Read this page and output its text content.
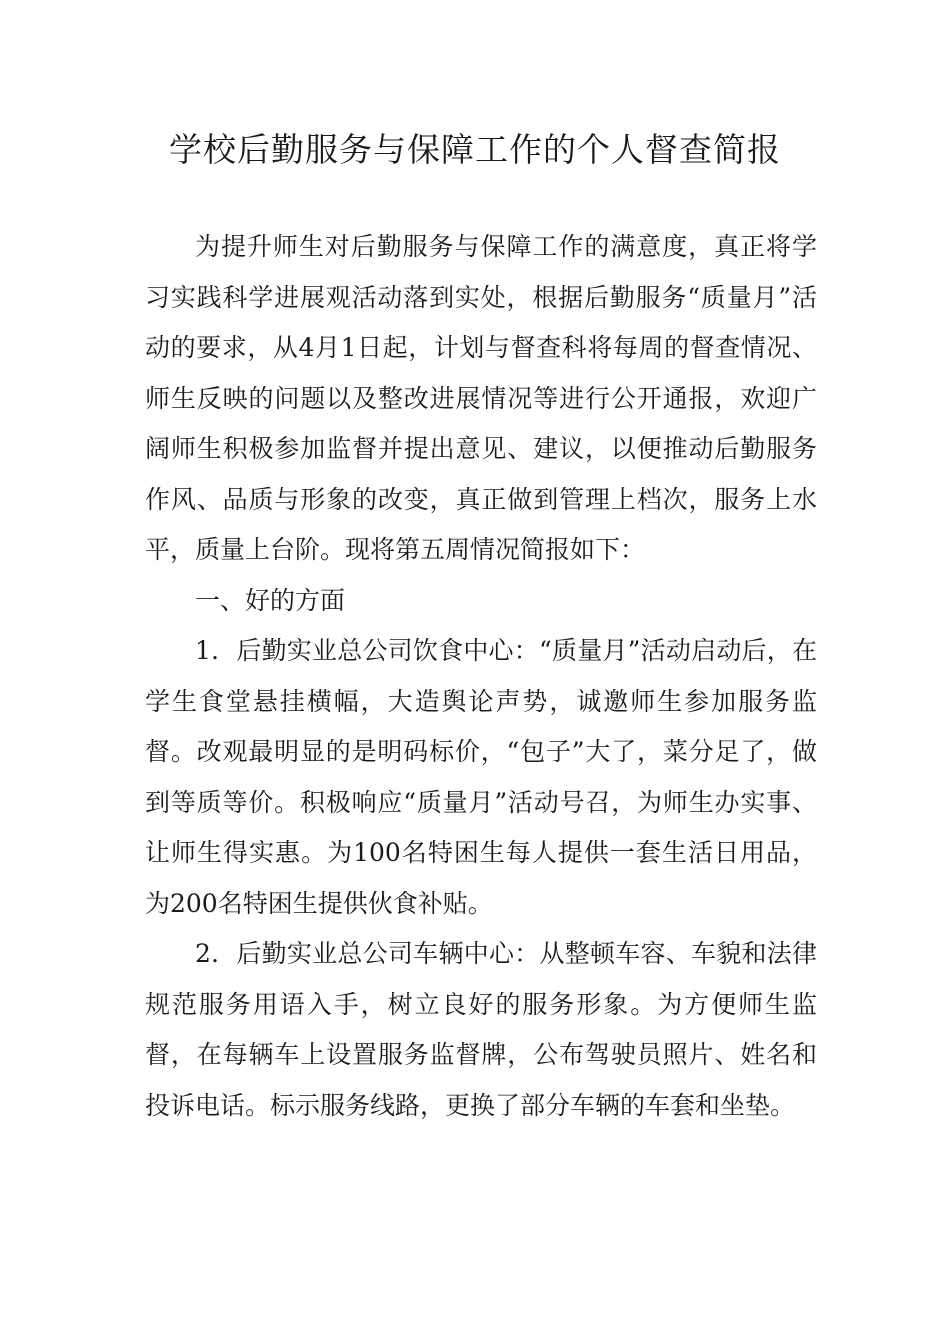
学校后勤服务与保障工作的个人督查简报

为提升师生对后勤服务与保障工作的满意度，真正将学习实践科学进展观活动落到实处，根据后勤服务“质量月”活动的要求，从4月1日起，计划与督查科将每周的督查情况、师生反映的问题以及整改进展情况等进行公开通报，欢迎广阔师生积极参加监督并提出意见、建议，以便推动后勤服务作风、品质与形象的改变，真正做到管理上档次，服务上水平，质量上台阶。现将第五周情况简报如下：

一、好的方面

1．后勤实业总公司饮食中心：“质量月”活动启动后，在学生食堂悬挂横幅，大造舆论声势，诚邀师生参加服务监督。改观最明显的是明码标价，“包子”大了，菜分足了，做到等质等价。积极响应“质量月”活动号召，为师生办实事、让师生得实惠。为100名特困生每人提供一套生活日用品，为200名特困生提供伙食补贴。

2．后勤实业总公司车辆中心：从整顿车容、车貌和法律规范服务用语入手，树立良好的服务形象。为方便师生监督，在每辆车上设置服务监督牌，公布驾驶员照片、姓名和投诉电话。标示服务线路，更换了部分车辆的车套和坐垫。
